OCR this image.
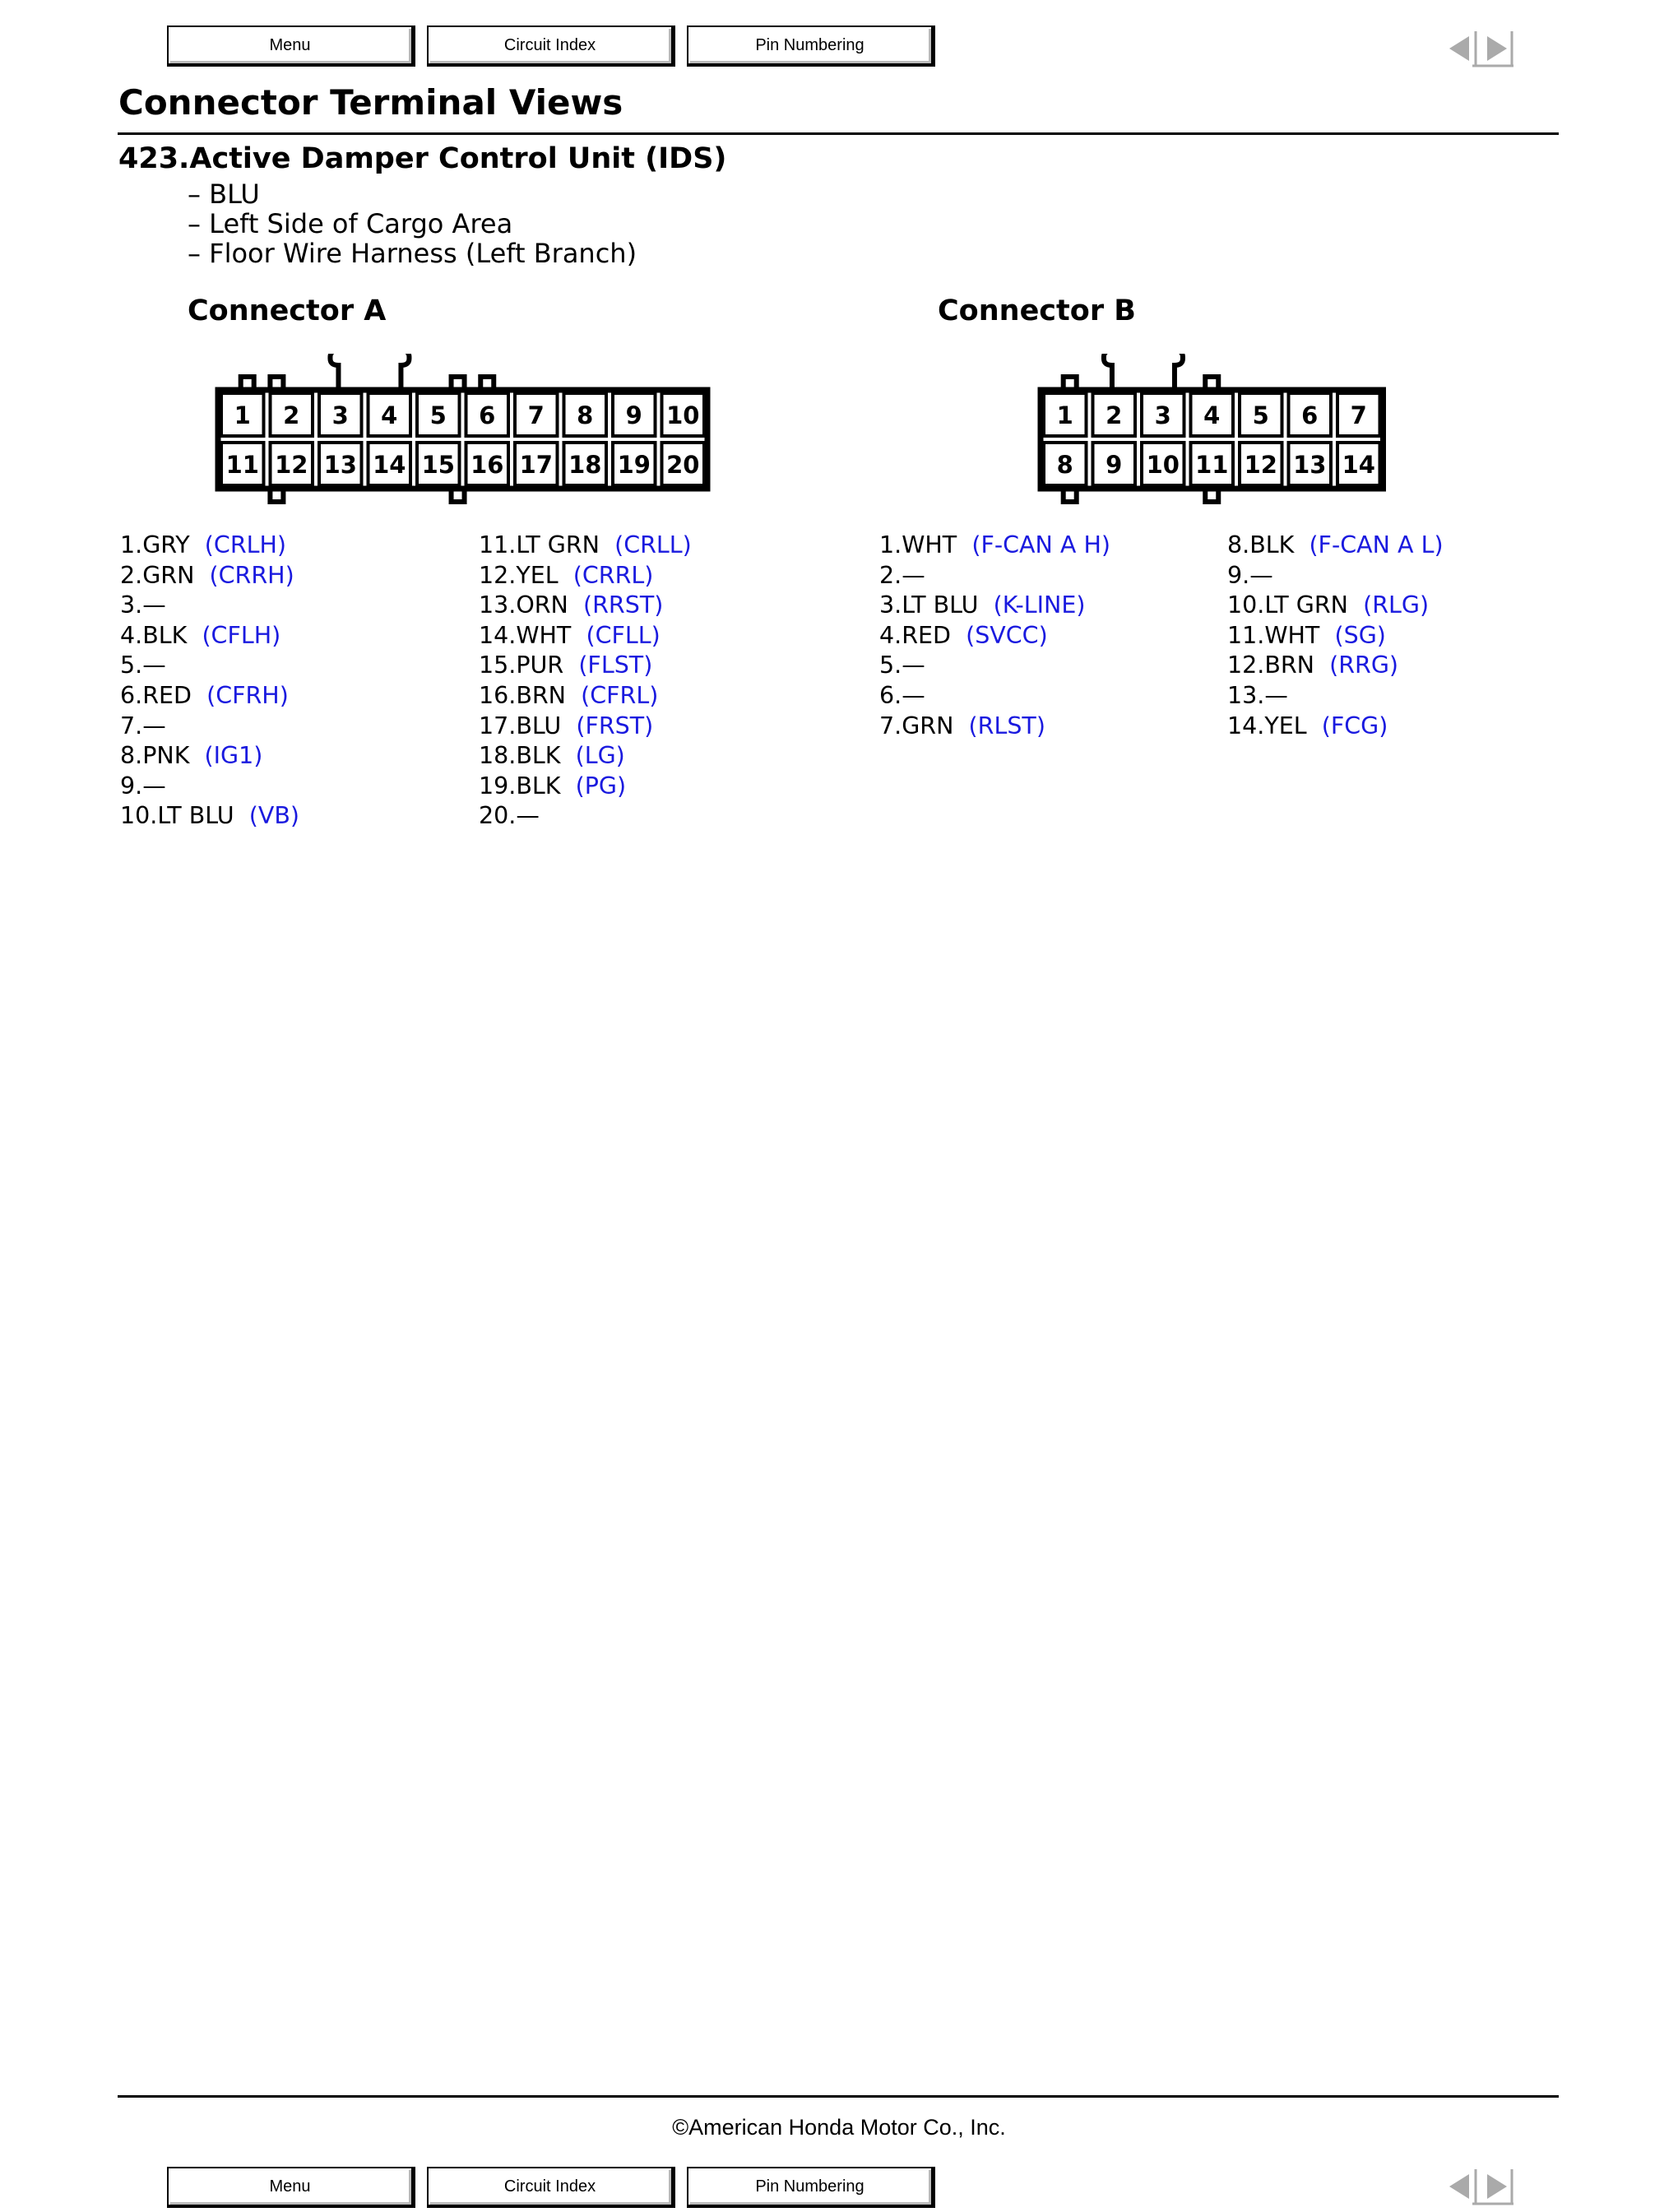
Menu	Circuit Index	Pin Numbering
Connector Terminal Views
423.Active Damper Control Unit (IDS)
– BLU
– Left Side of Cargo Area
– Floor Wire Harness (Left Branch)
Connector A
1 2 3 4 5 6 7 8 9 10
11 12 13 14 15 16 17 18 19 20
Connector B
1 2 3 4 5 6 7
8 9 10 11 12 13 14
1.GRY (CRLH)
2.GRN (CRRH)
3.—
4.BLK (CFLH)
5.—
6.RED (CFRH)
7.—
8.PNK (IG1)
9.—
10.LT BLU (VB)
11.LT GRN (CRLL)
12.YEL (CRRL)
13.ORN (RRST)
14.WHT (CFLL)
15.PUR (FLST)
16.BRN (CFRL)
17.BLU (FRST)
18.BLK (LG)
19.BLK (PG)
20.—
1.WHT (F-CAN A H)
2.—
3.LT BLU (K-LINE)
4.RED (SVCC)
5.—
6.—
7.GRN (RLST)
8.BLK (F-CAN A L)
9.—
10.LT GRN (RLG)
11.WHT (SG)
12.BRN (RRG)
13.—
14.YEL (FCG)
©American Honda Motor Co., Inc.
Menu	Circuit Index	Pin Numbering
